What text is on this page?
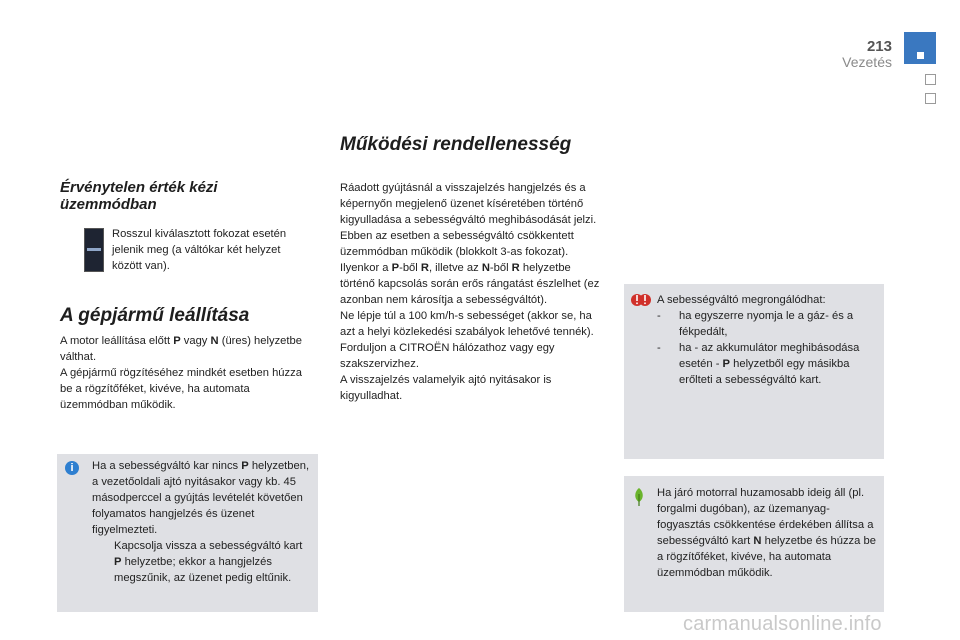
213
Vezetés
Működési rendellenesség
Érvénytelen érték kézi üzemmódban
Rosszul kiválasztott fokozat esetén jelenik meg (a váltókar két helyzet között van).
A gépjármű leállítása

A motor leállítása előtt P vagy N (üres) helyzetbe válthat.

A gépjármű rögzítéséhez mindkét esetben húzza be a rögzítőféket, kivéve, ha automata üzemmódban működik.

i	Ha a sebességváltó kar nincs P helyzetben, a vezetőoldali ajtó nyitásakor vagy kb. 45 másodperccel a gyújtás levételét követően folyamatos hangjelzés és üzenet figyelmezteti.

Kapcsolja vissza a sebességváltó kart P helyzetbe; ekkor a hangjelzés megszűnik, az üzenet pedig eltűnik.

Ráadott gyújtásnál a visszajelzés hangjelzés és a képernyőn megjelenő üzenet kíséretében történő kigyulladása a sebességváltó meghibásodását jelzi.

Ebben az esetben a sebességváltó csökkentett üzemmódban működik (blokkolt 3-as fokozat).

Ilyenkor a P-ből R, illetve az N-ből R helyzetbe történő kapcsolás során erős rángatást észlelhet (ez azonban nem károsítja a sebességváltót).

Ne lépje túl a 100 km/h-s sebességet (akkor se, ha azt a helyi közlekedési szabályok lehetővé tennék).

Forduljon a CITROËN hálózathoz vagy egy szakszervizhez.

A visszajelzés valamelyik ajtó nyitásakor is kigyulladhat.

A sebességváltó megrongálódhat:

-	ha egyszerre nyomja le a gáz- és a fékpedált,
-	ha - az akkumulátor meghibásodása esetén - P helyzetből egy másikba erőlteti a sebességváltó kart.

Ha járó motorral huzamosabb ideig áll (pl. forgalmi dugóban), az üzemanyag-fogyasztás csökkentése érdekében állítsa a sebességváltó kart N helyzetbe és húzza be a rögzítőféket, kivéve, ha automata üzemmódban működik.

carmanualsonline.info
